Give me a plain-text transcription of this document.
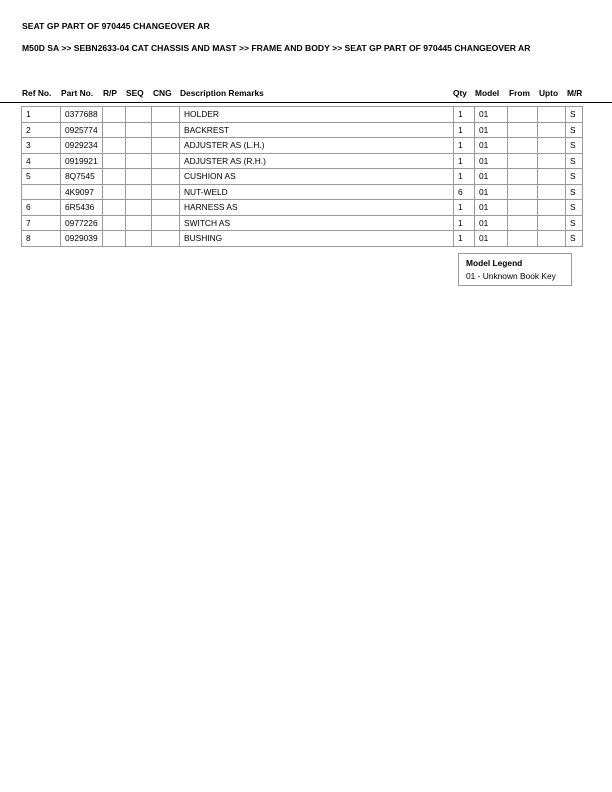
SEAT GP PART OF 970445 CHANGEOVER AR
M50D SA >> SEBN2633-04 CAT CHASSIS AND MAST >> FRAME AND BODY >> SEAT GP PART OF 970445 CHANGEOVER AR
Ref No. Part No. R/P SEQ CNG Description Remarks	Qty Model From Upto M/R
1	0377688				HOLDER	1	01			S
2	0925774				BACKREST	1	01			S
3	0929234				ADJUSTER AS (L.H.)	1	01			S
4	0919921				ADJUSTER AS (R.H.)	1	01			S
5	8Q7545				CUSHION AS	1	01			S
	4K9097				NUT-WELD	6	01			S
6	6R5436				HARNESS AS	1	01			S
7	0977226				SWITCH AS	1	01			S
8	0929039				BUSHING	1	01			S
Model Legend
01 - Unknown Book Key
